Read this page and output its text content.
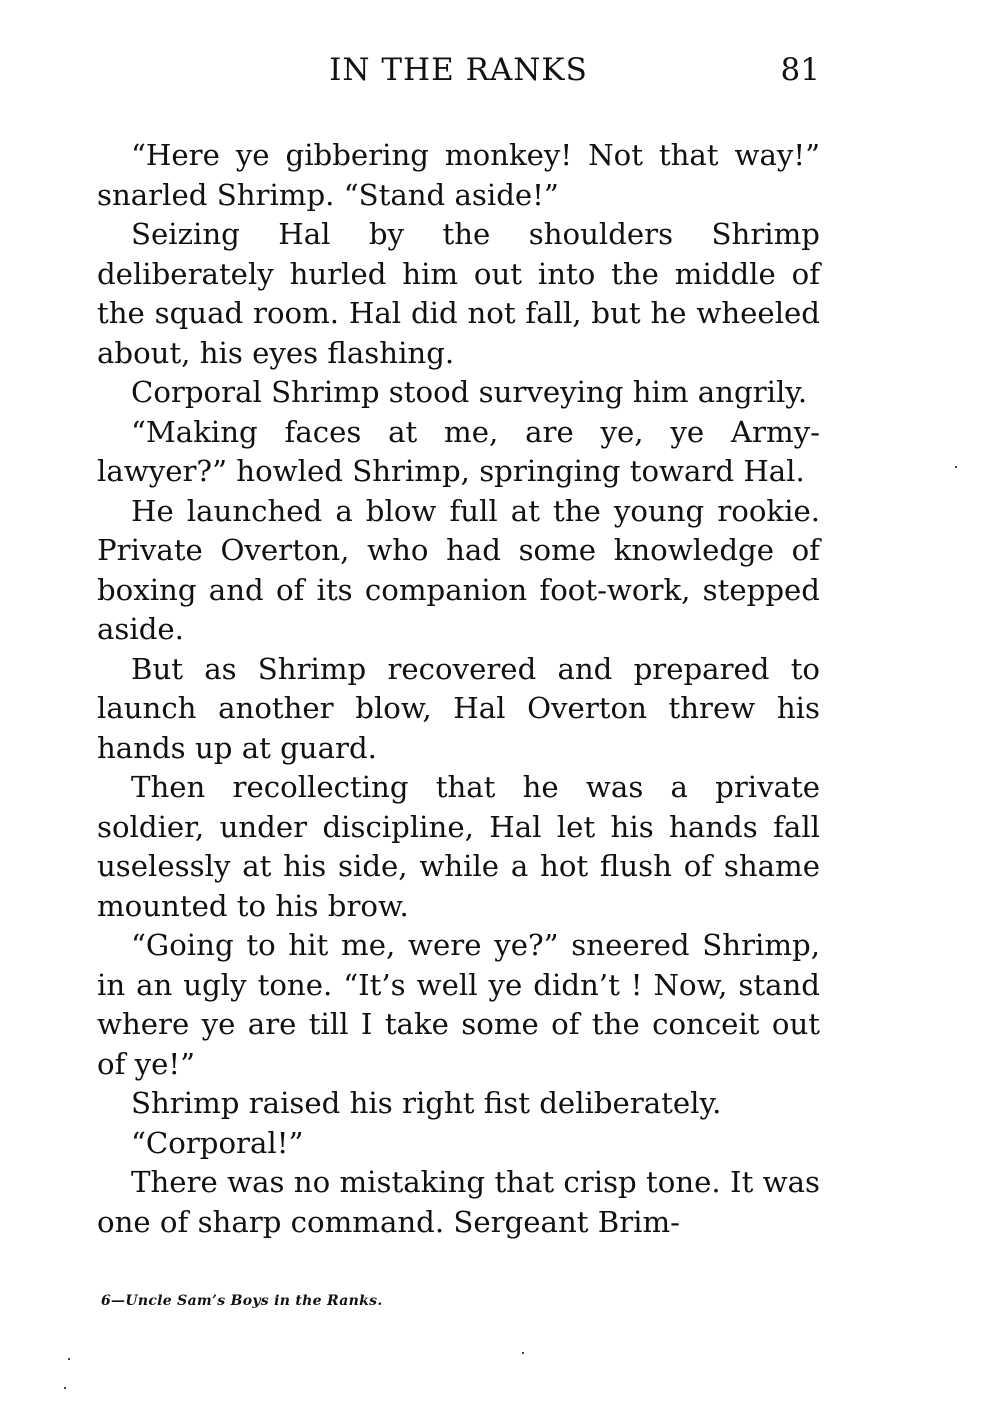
IN THE RANKS	81

“Here ye gibbering monkey! Not that way!” snarled Shrimp. “Stand aside!”

Seizing Hal by the shoulders Shrimp deliberately hurled him out into the middle of the squad room. Hal did not fall, but he wheeled about, his eyes flashing.

Corporal Shrimp stood surveying him angrily.

“Making faces at me, are ye, ye Army-lawyer?” howled Shrimp, springing toward Hal.

He launched a blow full at the young rookie. Private Overton, who had some knowledge of boxing and of its companion foot-work, stepped aside.

But as Shrimp recovered and prepared to launch another blow, Hal Overton threw his hands up at guard.

Then recollecting that he was a private soldier, under discipline, Hal let his hands fall uselessly at his side, while a hot flush of shame mounted to his brow.

“Going to hit me, were ye?” sneered Shrimp, in an ugly tone. “It’s well ye didn’t ! Now, stand where ye are till I take some of the conceit out of ye!”

Shrimp raised his right fist deliberately.

“Corporal!”

There was no mistaking that crisp tone. It was one of sharp command. Sergeant Brim-

6—Uncle Sam’s Boys in the Ranks.
